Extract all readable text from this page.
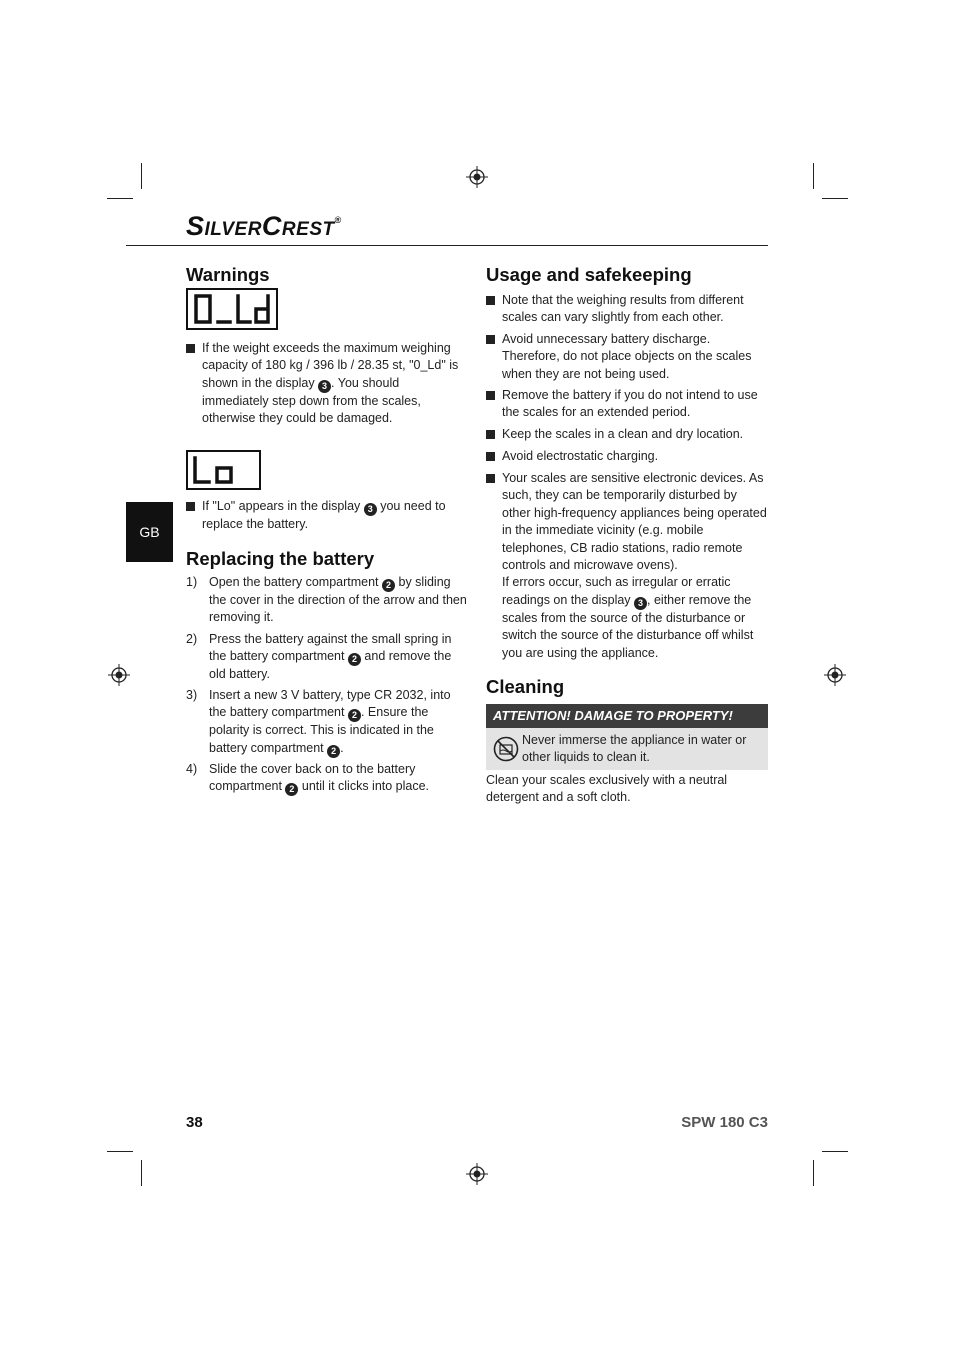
SILVERCREST®
GB
Warnings
If the weight exceeds the maximum weighing capacity of 180 kg / 396 lb / 28.35 st, "0_Ld" is shown in the display 3 . You should immediately step down from the scales, otherwise they could be damaged.
If "Lo" appears in the display 3 you need to replace the battery.
Replacing the battery
1) Open the battery compartment 2 by sliding the cover in the direction of the arrow and then removing it.
2) Press the battery against the small spring in the battery compartment 2 and remove the old battery.
3) Insert a new 3 V battery, type CR 2032, into the battery compartment 2 . Ensure the polarity is correct. This is indicated in the battery compartment 2 .
4) Slide the cover back on to the battery compartment 2 until it clicks into place.
Usage and safekeeping
Note that the weighing results from different scales can vary slightly from each other.
Avoid unnecessary battery discharge. Therefore, do not place objects on the scales when they are not being used.
Remove the battery if you do not intend to use the scales for an extended period.
Keep the scales in a clean and dry location.
Avoid electrostatic charging.
Your scales are sensitive electronic devices. As such, they can be temporarily disturbed by other high-frequency appliances being operated in the immediate vicinity (e.g. mobile telephones, CB radio stations, radio remote controls and microwave ovens).
If errors occur, such as irregular or erratic readings on the display 3 , either remove the scales from the source of the disturbance or switch the source of the disturbance off whilst you are using the appliance.
Cleaning
ATTENTION! DAMAGE TO PROPERTY!
Never immerse the appliance in water or other liquids to clean it.
Clean your scales exclusively with a neutral detergent and a soft cloth.
38	SPW 180 C3
